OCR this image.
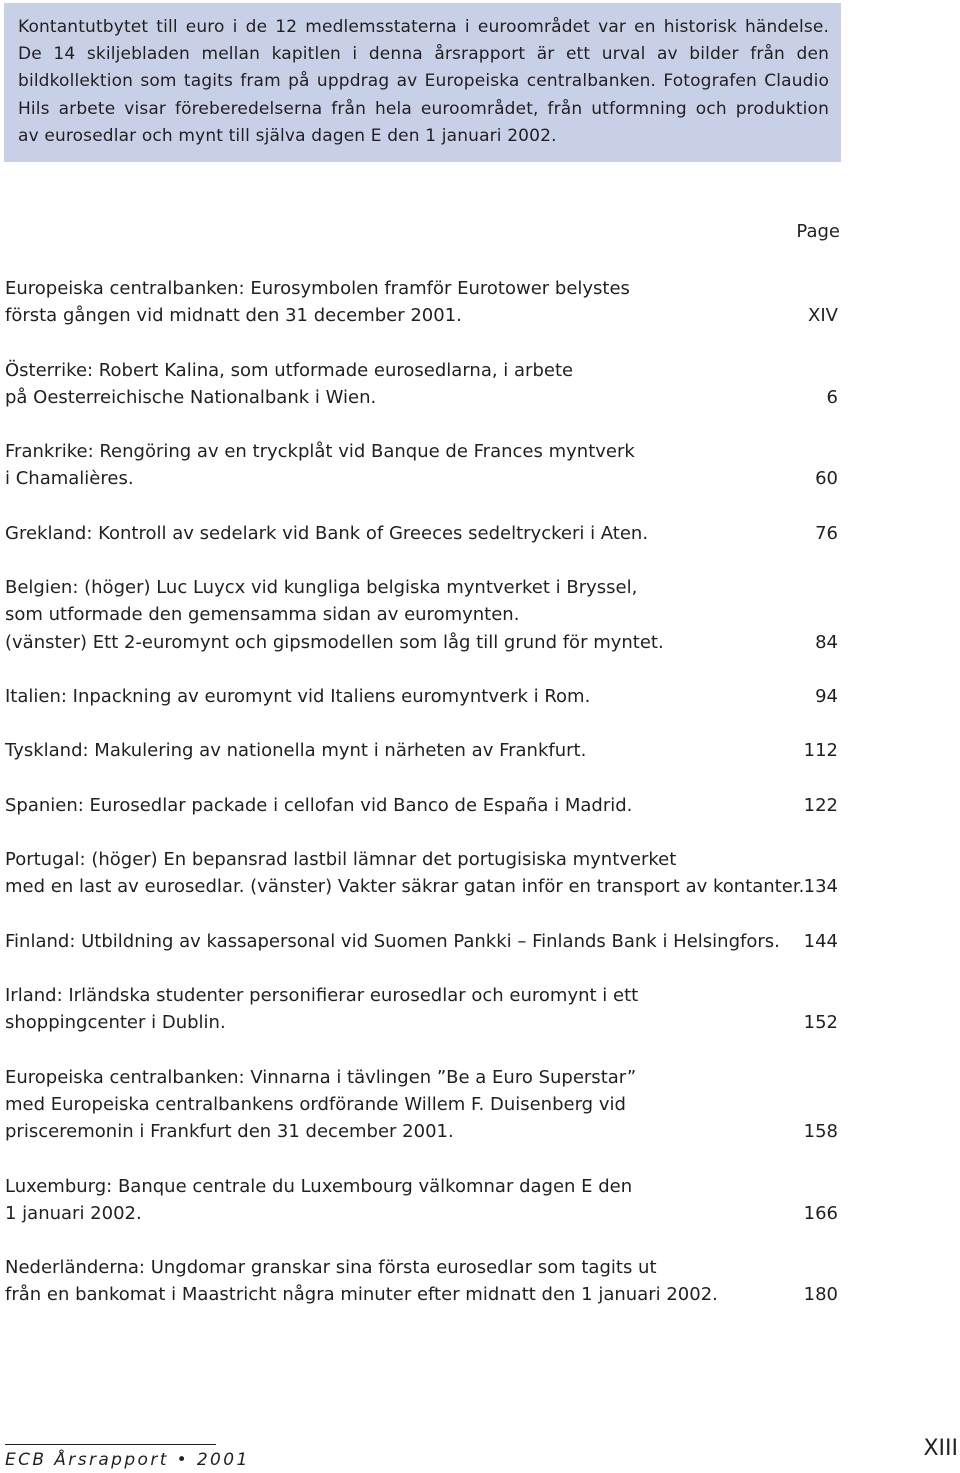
Kontantutbytet till euro i de 12 medlemsstaterna i euroområdet var en historisk händelse.
De 14 skiljebladen mellan kapitlen i denna årsrapport är ett urval av bilder från den
bildkollektion som tagits fram på uppdrag av Europeiska centralbanken. Fotografen Claudio
Hils arbete visar föreberedelserna från hela euroområdet, från utformning och produktion
av eurosedlar och mynt till själva dagen E den 1 januari 2002.

Page

Europeiska centralbanken: Eurosymbolen framför Eurotower belystes
första gången vid midnatt den 31 december 2001.	XIV

Österrike: Robert Kalina, som utformade eurosedlarna, i arbete
på Oesterreichische Nationalbank i Wien.	6

Frankrike: Rengöring av en tryckplåt vid Banque de Frances myntverk
i Chamalières.	60

Grekland: Kontroll av sedelark vid Bank of Greeces sedeltryckeri i Aten.	76

Belgien: (höger) Luc Luycx vid kungliga belgiska myntverket i Bryssel,
som utformade den gemensamma sidan av euromynten.
(vänster) Ett 2-euromynt och gipsmodellen som låg till grund för myntet.	84

Italien: Inpackning av euromynt vid Italiens euromyntverk i Rom.	94

Tyskland: Makulering av nationella mynt i närheten av Frankfurt.	112

Spanien: Eurosedlar packade i cellofan vid Banco de España i Madrid.	122

Portugal: (höger) En bepansrad lastbil lämnar det portugisiska myntverket
med en last av eurosedlar. (vänster) Vakter säkrar gatan inför en transport av kontanter. 134

Finland: Utbildning av kassapersonal vid Suomen Pankki – Finlands Bank i Helsingfors. 144

Irland: Irländska studenter personifierar eurosedlar och euromynt i ett
shoppingcenter i Dublin.	152

Europeiska centralbanken: Vinnarna i tävlingen ”Be a Euro Superstar”
med Europeiska centralbankens ordförande Willem F. Duisenberg vid
prisceremonin i Frankfurt den 31 december 2001.	158

Luxemburg: Banque centrale du Luxembourg välkomnar dagen E den
1 januari 2002.	166

Nederländerna: Ungdomar granskar sina första eurosedlar som tagits ut
från en bankomat i Maastricht några minuter efter midnatt den 1 januari 2002.	180

ECB Årsrapport • 2001	XIII
